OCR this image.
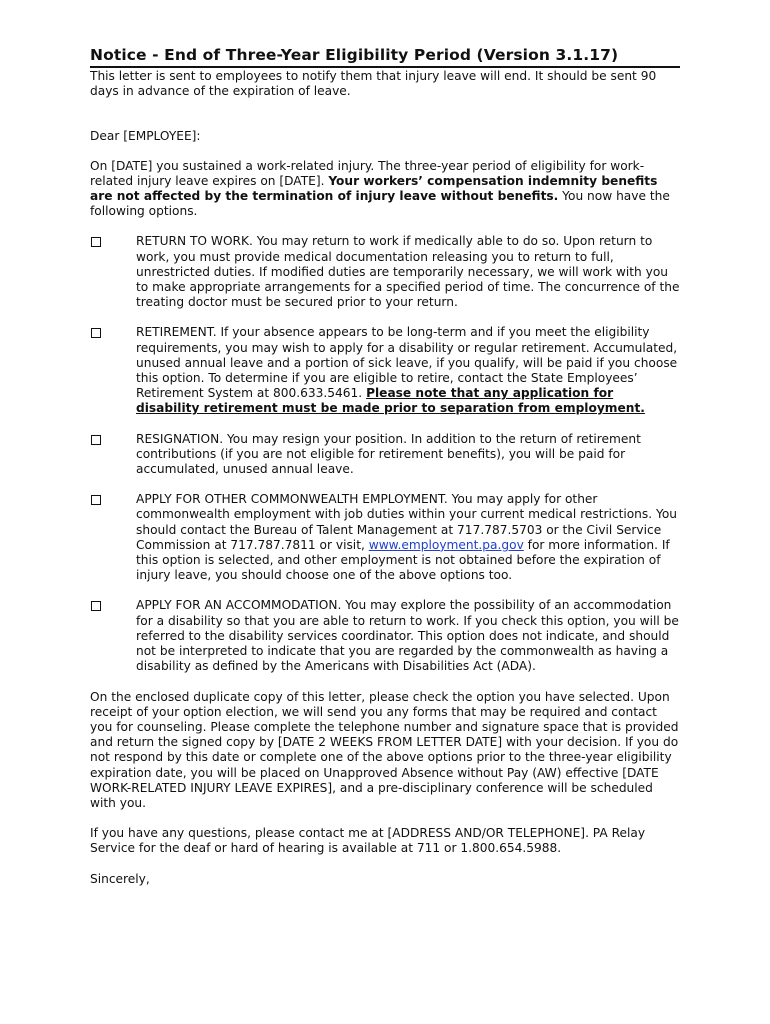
Notice - End of Three-Year Eligibility Period (Version 3.1.17)

This letter is sent to employees to notify them that injury leave will end. It should be sent 90 days in advance of the expiration of leave.

Dear [EMPLOYEE]:

On [DATE] you sustained a work-related injury. The three-year period of eligibility for work-related injury leave expires on [DATE]. Your workers’ compensation indemnity benefits are not affected by the termination of injury leave without benefits. You now have the following options.

RETURN TO WORK. You may return to work if medically able to do so. Upon return to work, you must provide medical documentation releasing you to return to full, unrestricted duties. If modified duties are temporarily necessary, we will work with you to make appropriate arrangements for a specified period of time. The concurrence of the treating doctor must be secured prior to your return.

RETIREMENT. If your absence appears to be long-term and if you meet the eligibility requirements, you may wish to apply for a disability or regular retirement. Accumulated, unused annual leave and a portion of sick leave, if you qualify, will be paid if you choose this option. To determine if you are eligible to retire, contact the State Employees’ Retirement System at 800.633.5461. Please note that any application for disability retirement must be made prior to separation from employment.

RESIGNATION. You may resign your position. In addition to the return of retirement contributions (if you are not eligible for retirement benefits), you will be paid for accumulated, unused annual leave.

APPLY FOR OTHER COMMONWEALTH EMPLOYMENT. You may apply for other commonwealth employment with job duties within your current medical restrictions. You should contact the Bureau of Talent Management at 717.787.5703 or the Civil Service Commission at 717.787.7811 or visit, www.employment.pa.gov for more information. If this option is selected, and other employment is not obtained before the expiration of injury leave, you should choose one of the above options too.

APPLY FOR AN ACCOMMODATION. You may explore the possibility of an accommodation for a disability so that you are able to return to work. If you check this option, you will be referred to the disability services coordinator. This option does not indicate, and should not be interpreted to indicate that you are regarded by the commonwealth as having a disability as defined by the Americans with Disabilities Act (ADA).

On the enclosed duplicate copy of this letter, please check the option you have selected. Upon receipt of your option election, we will send you any forms that may be required and contact you for counseling. Please complete the telephone number and signature space that is provided and return the signed copy by [DATE 2 WEEKS FROM LETTER DATE] with your decision. If you do not respond by this date or complete one of the above options prior to the three-year eligibility expiration date, you will be placed on Unapproved Absence without Pay (AW) effective [DATE WORK-RELATED INJURY LEAVE EXPIRES], and a pre-disciplinary conference will be scheduled with you.

If you have any questions, please contact me at [ADDRESS AND/OR TELEPHONE]. PA Relay Service for the deaf or hard of hearing is available at 711 or 1.800.654.5988.

Sincerely,
